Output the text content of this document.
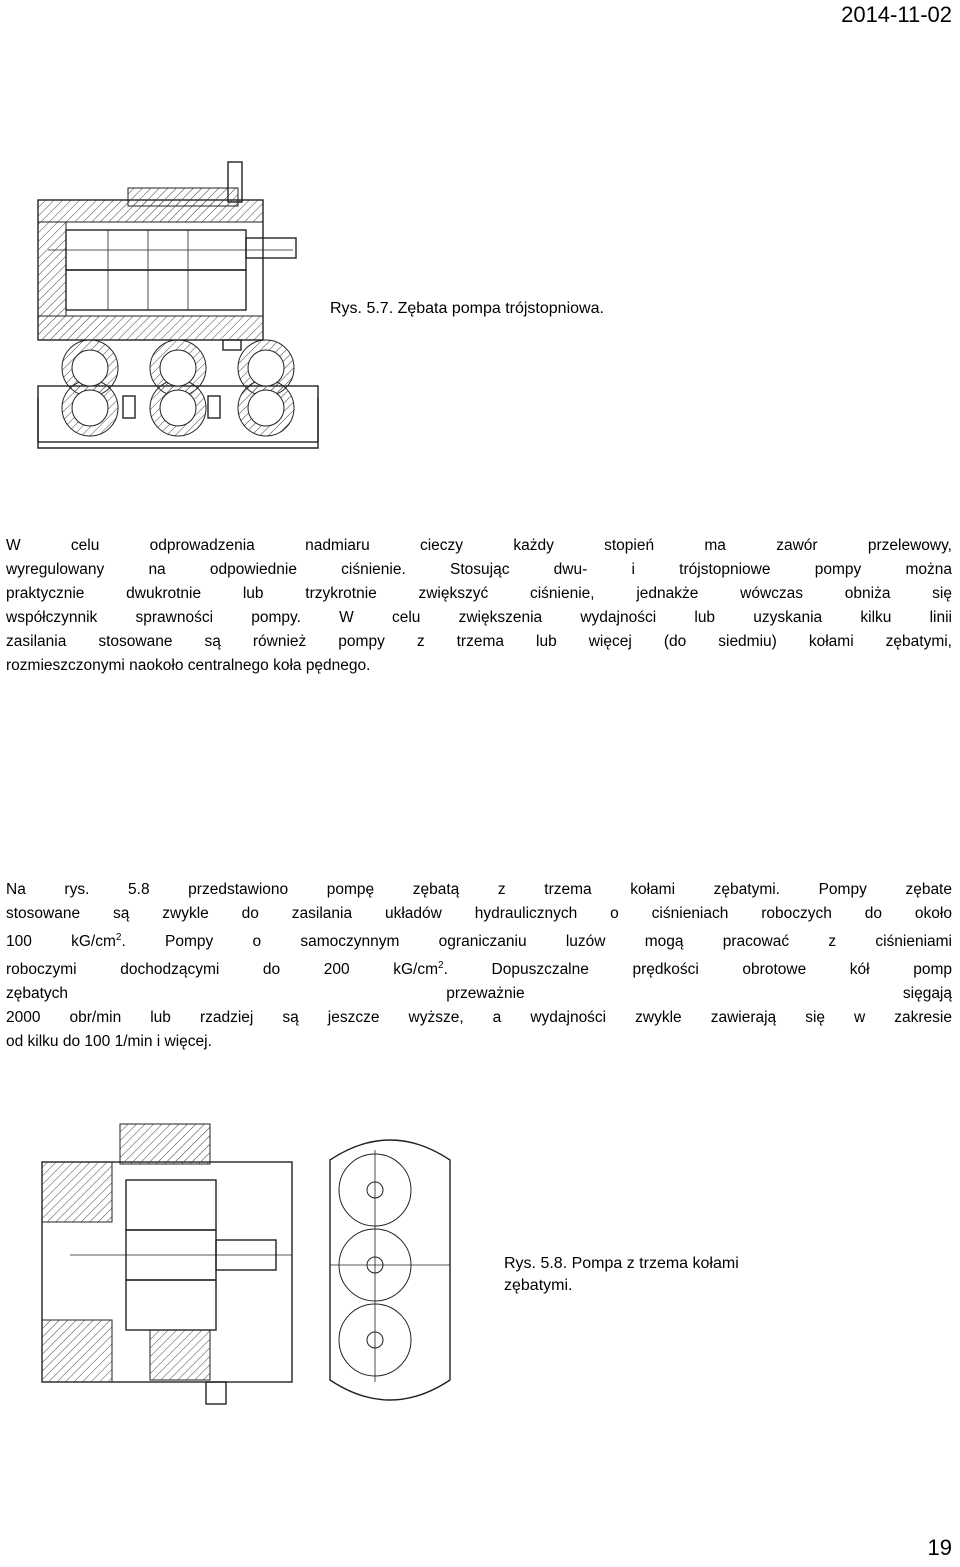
2014-11-02
Rys. 5.7. Zębata pompa trójstopniowa.
W celu odprowadzenia nadmiaru cieczy każdy stopień ma zawór przelewowy,
wyregulowany na odpowiednie ciśnienie. Stosując dwu- i trójstopniowe pompy można
praktycznie dwukrotnie lub trzykrotnie zwiększyć ciśnienie, jednakże wówczas obniża się
współczynnik sprawności pompy. W celu zwiększenia wydajności lub uzyskania kilku linii
zasilania stosowane są również pompy z trzema lub więcej (do siedmiu) kołami zębatymi,
rozmieszczonymi naokoło centralnego koła pędnego.
Na rys. 5.8 przedstawiono pompę zębatą z trzema kołami zębatymi. Pompy zębate
stosowane są zwykle do zasilania układów hydraulicznych o ciśnieniach roboczych do około
100 $kG/cm^2$. Pompy o samoczynnym ograniczaniu luzów mogą pracować z ciśnieniami
roboczymi dochodzącymi do 200 $kG/cm^2$. Dopuszczalne prędkości obrotowe kół pomp
zębatych przeważnie sięgają
2000 obr/min lub rzadziej są jeszcze wyższe, a wydajności zwykle zawierają się w zakresie
od kilku do 100 1/min i więcej.
Rys. 5.8. Pompa z trzema kołami
zębatymi.
19
